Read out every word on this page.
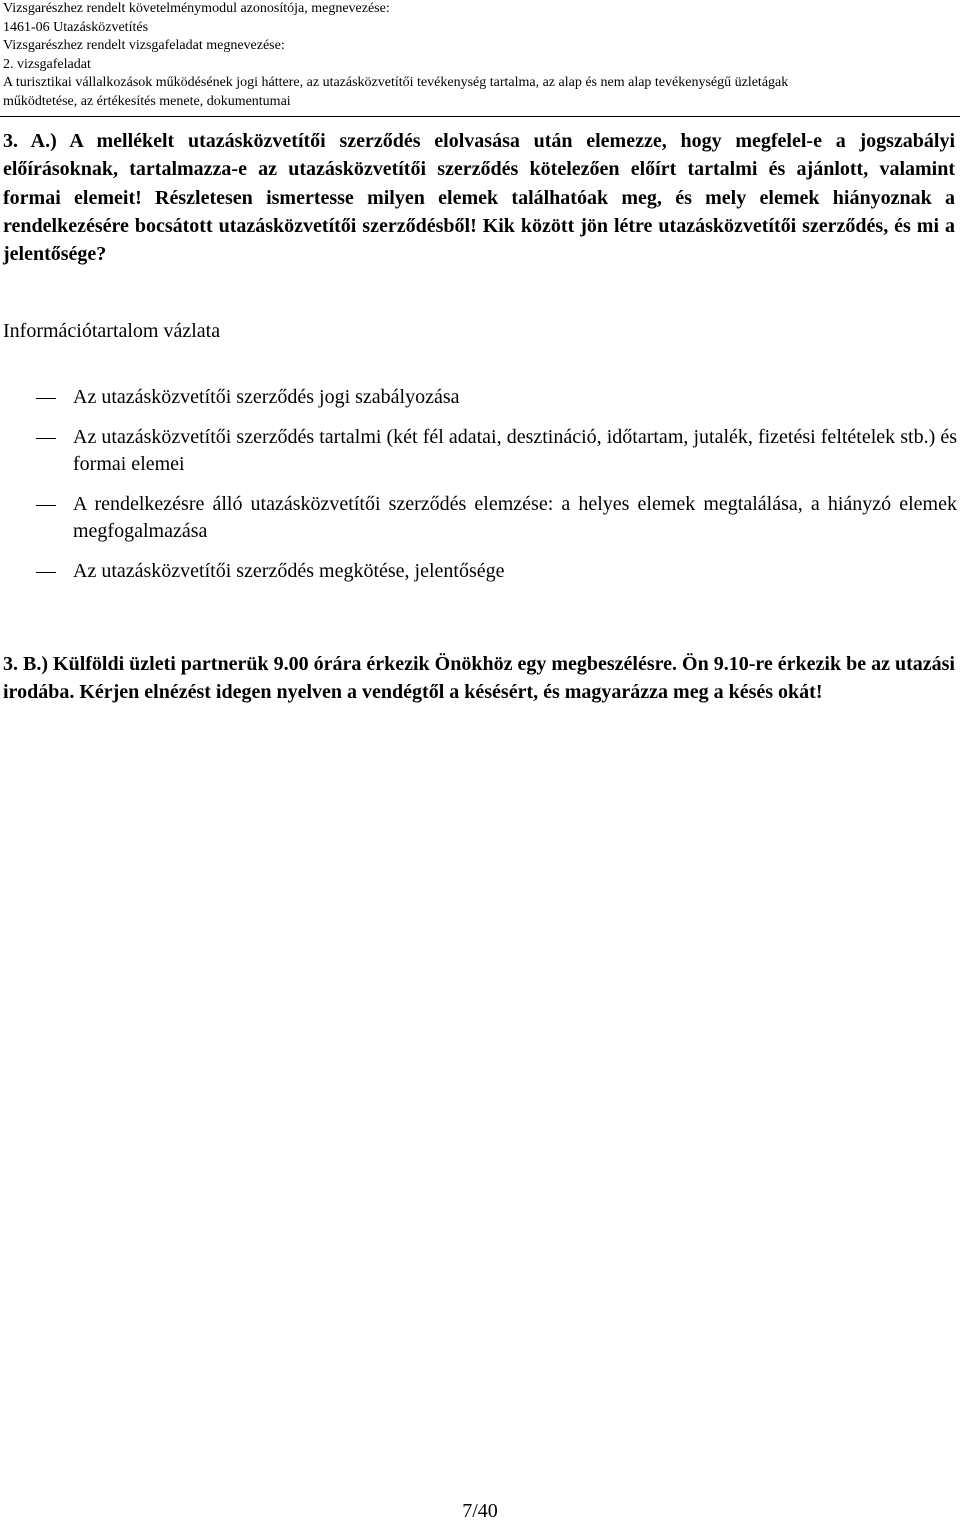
Vizsgarészhez rendelt követelménymodul azonosítója, megnevezése:
1461-06 Utazásközvetítés
Vizsgarészhez rendelt vizsgafeladat megnevezése:
2. vizsgafeladat
A turisztikai vállalkozások működésének jogi háttere, az utazásközvetítői tevékenység tartalma, az alap és nem alap tevékenységű üzletágak
működtetése, az értékesítés menete, dokumentumai
3. A.) A mellékelt utazásközvetítői szerződés elolvasása után elemezze, hogy megfelel-e a jogszabályi előírásoknak, tartalmazza-e az utazásközvetítői szerződés kötelezően előírt tartalmi és ajánlott, valamint formai elemeit! Részletesen ismertesse milyen elemek találhatóak meg, és mely elemek hiányoznak a rendelkezésére bocsátott utazásközvetítői szerződésből! Kik között jön létre utazásközvetítői szerződés, és mi a jelentősége?
Információtartalom vázlata
Az utazásközvetítői szerződés jogi szabályozása
Az utazásközvetítői szerződés tartalmi (két fél adatai, desztináció, időtartam, jutalék, fizetési feltételek stb.) és formai elemei
A rendelkezésre álló utazásközvetítői szerződés elemzése: a helyes elemek megtalálása, a hiányzó elemek megfogalmazása
Az utazásközvetítői szerződés megkötése, jelentősége
3. B.) Külföldi üzleti partnerük 9.00 órára érkezik Önökhöz egy megbeszélésre. Ön 9.10-re érkezik be az utazási irodába. Kérjen elnézést idegen nyelven a vendégtől a késésért, és magyarázza meg a késés okát!
7/40
